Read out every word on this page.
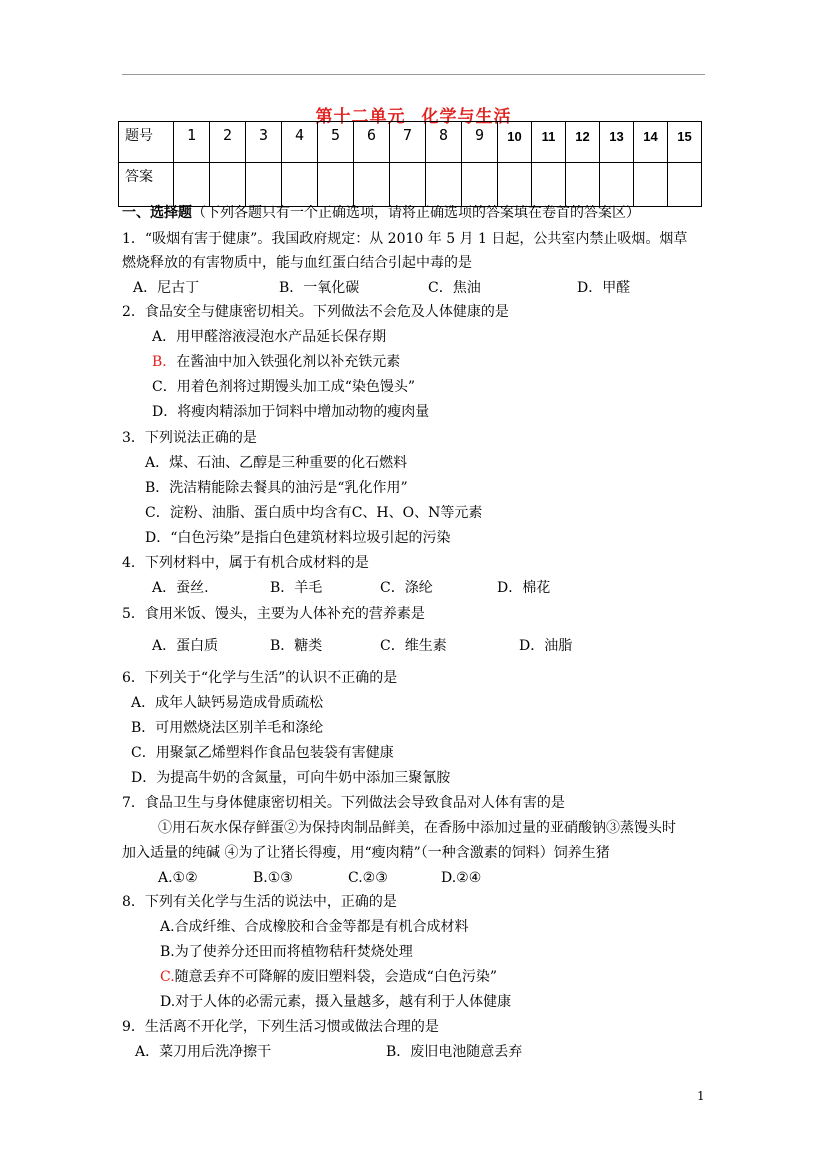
第十二单元 化学与生活
题号	1	2	3	4	5	6	7	8	9	10	11	12	13	14	15
答案															
一、选择题（下列各题只有一个正确选项，请将正确选项的答案填在卷首的答案区）
1．“吸烟有害于健康”。我国政府规定：从 2010 年 5 月 1 日起，公共室内禁止吸烟。烟草
燃烧释放的有害物质中，能与血红蛋白结合引起中毒的是
A．尼古丁	B．一氧化碳	C．焦油	D．甲醛
2．食品安全与健康密切相关。下列做法不会危及人体健康的是
A．用甲醛溶液浸泡水产品延长保存期
B．在酱油中加入铁强化剂以补充铁元素
C．用着色剂将过期馒头加工成“染色馒头”
D．将瘦肉精添加于饲料中增加动物的瘦肉量
3．下列说法正确的是
A．煤、石油、乙醇是三种重要的化石燃料
B．洗洁精能除去餐具的油污是“乳化作用”
C．淀粉、油脂、蛋白质中均含有C、H、O、N等元素
D．“白色污染”是指白色建筑材料垃圾引起的污染
4．下列材料中，属于有机合成材料的是
A．蚕丝.	B．羊毛	C．涤纶	D．棉花
5．食用米饭、馒头，主要为人体补充的营养素是
A．蛋白质	B．糖类	C．维生素	D．油脂
6．下列关于“化学与生活”的认识不正确的是
A．成年人缺钙易造成骨质疏松
B．可用燃烧法区别羊毛和涤纶
C．用聚氯乙烯塑料作食品包装袋有害健康
D．为提高牛奶的含氮量，可向牛奶中添加三聚氰胺
7．食品卫生与身体健康密切相关。下列做法会导致食品对人体有害的是
①用石灰水保存鲜蛋②为保持肉制品鲜美，在香肠中添加过量的亚硝酸钠③蒸馒头时
加入适量的纯碱 ④为了让猪长得瘦，用“瘦肉精”（一种含激素的饲料）饲养生猪
A.①②	B.①③	C.②③	D.②④
8．下列有关化学与生活的说法中，正确的是
A.合成纤维、合成橡胶和合金等都是有机合成材料
B.为了使养分还田而将植物秸秆焚烧处理
C.随意丢弃不可降解的废旧塑料袋，会造成“白色污染”
D.对于人体的必需元素，摄入量越多，越有利于人体健康
9．生活离不开化学，下列生活习惯或做法合理的是
A．菜刀用后洗净擦干	B．废旧电池随意丢弃
1
